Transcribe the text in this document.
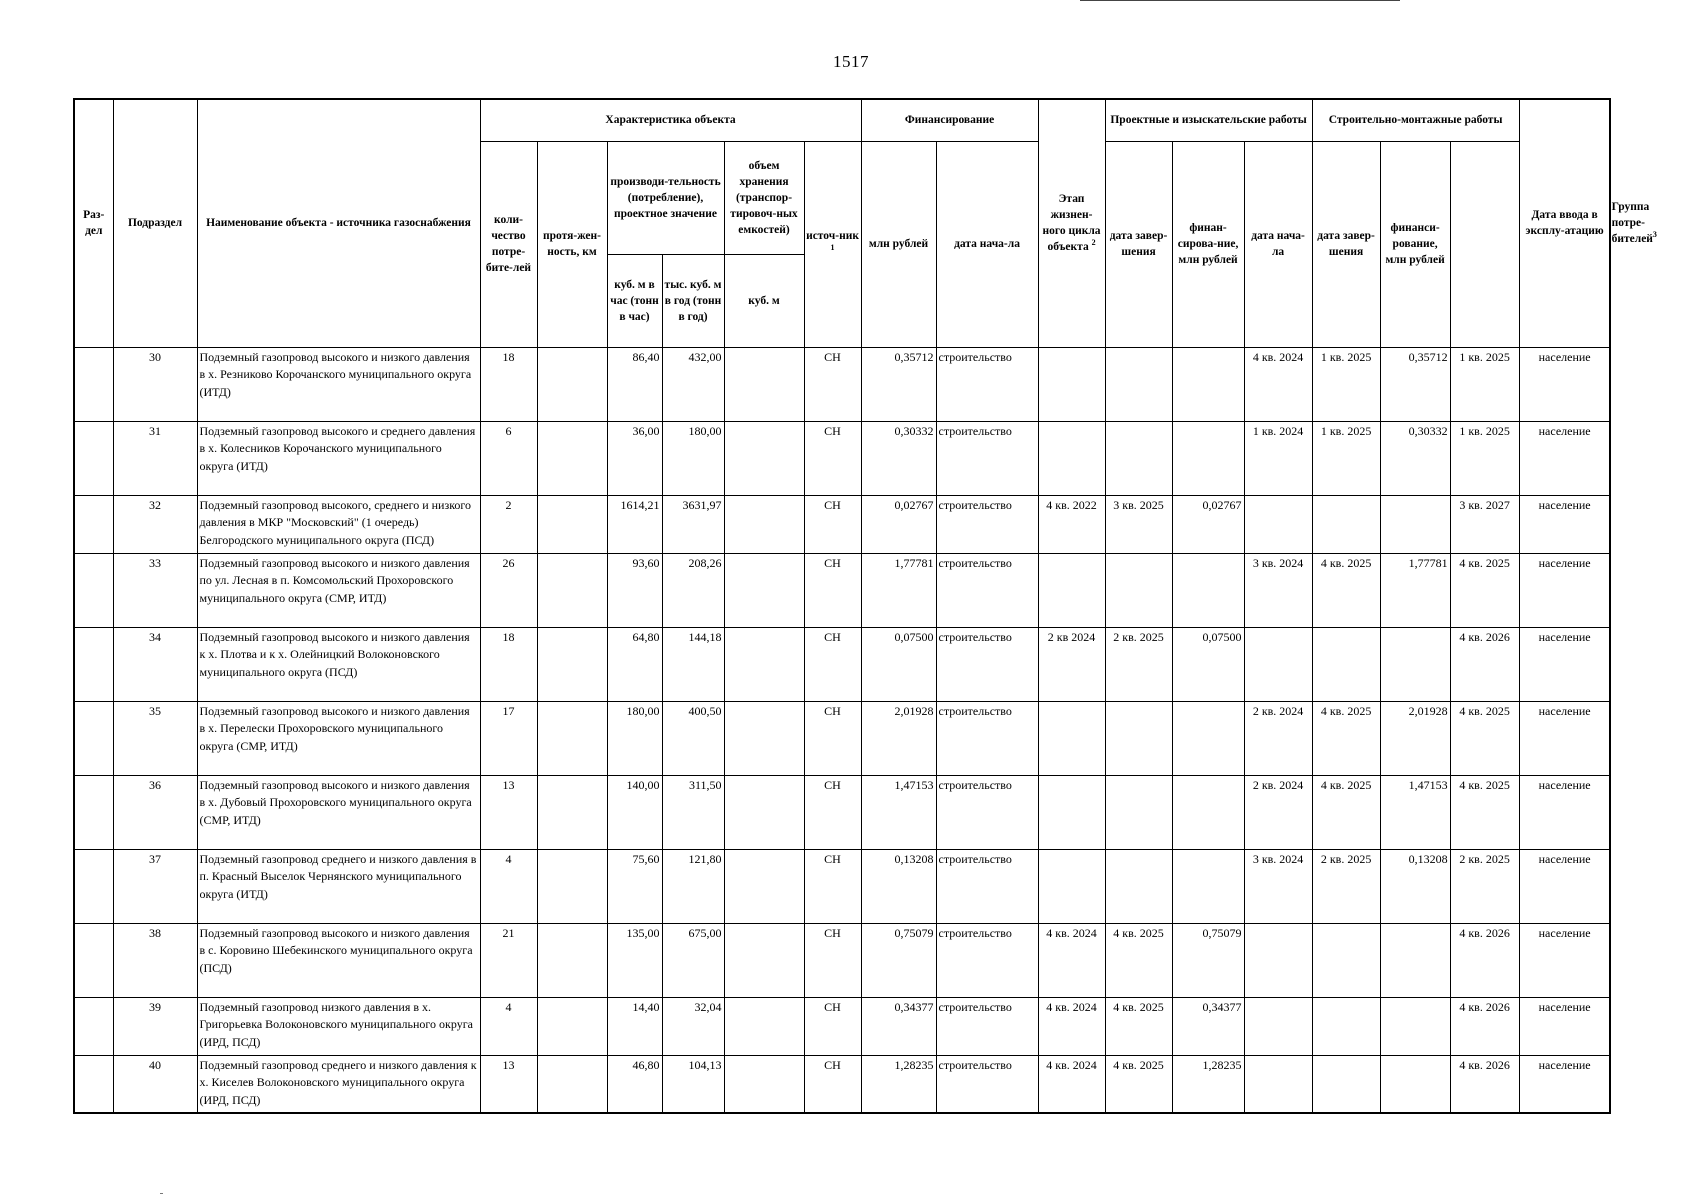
1517
Раз-дел	Подраздел	Наименование объекта - источника газоснабжения	Характеристика объекта						Финансирование		Этап жизнен-ного цикла объекта $^2$	Проектные и изыскательские работы			Строительно-монтажные работы			Дата ввода в эксплу-атацию	Группа потре-бителей$^3$
			коли-чество потре-бите-лей	протя-жен-ность, км	производи-тельность (потребление), проектное значение		объем хранения (транспор-тировоч-ных емкостей)	источ-ник $^1$	млн рублей	дата нача-ла		дата завер-шения	финан-сирова-ние, млн рублей	дата нача-ла	дата завер-шения	финанси-рование, млн рублей			
					куб. м в час (тонн в час)	тыс. куб. м в год (тонн в год)	куб. м												
	30	Подземный газопровод высокого и низкого давления в х. Резниково Корочанского муниципального округа (ИТД)	18		86,40	432,00		СН	0,35712	строительство				4 кв. 2024	1 кв. 2025	0,35712	1 кв. 2025	население	
	31	Подземный газопровод высокого и среднего давления в х. Колесников Корочанского муниципального округа (ИТД)	6		36,00	180,00		СН	0,30332	строительство				1 кв. 2024	1 кв. 2025	0,30332	1 кв. 2025	население	
	32	Подземный газопровод высокого, среднего и низкого давления в МКР "Московский" (1 очередь) Белгородского муниципального округа (ПСД)	2		1614,21	3631,97		СН	0,02767	строительство	4 кв. 2022	3 кв. 2025	0,02767				3 кв. 2027	население	
	33	Подземный газопровод высокого и низкого давления по ул. Лесная в п. Комсомольский Прохоровского муниципального округа (СМР, ИТД)	26		93,60	208,26		СН	1,77781	строительство				3 кв. 2024	4 кв. 2025	1,77781	4 кв. 2025	население	
	34	Подземный газопровод высокого и низкого давления к х. Плотва и к х. Олейницкий Волоконовского муниципального округа (ПСД)	18		64,80	144,18		СН	0,07500	строительство	2 кв 2024	2 кв. 2025	0,07500				4 кв. 2026	население	
	35	Подземный газопровод высокого и низкого давления в х. Перелески Прохоровского муниципального округа (СМР, ИТД)	17		180,00	400,50		СН	2,01928	строительство				2 кв. 2024	4 кв. 2025	2,01928	4 кв. 2025	население	
	36	Подземный газопровод высокого и низкого давления в х. Дубовый Прохоровского муниципального округа (СМР, ИТД)	13		140,00	311,50		СН	1,47153	строительство				2 кв. 2024	4 кв. 2025	1,47153	4 кв. 2025	население	
	37	Подземный газопровод среднего и низкого давления в п. Красный Выселок Чернянского муниципального округа (ИТД)	4		75,60	121,80		СН	0,13208	строительство				3 кв. 2024	2 кв. 2025	0,13208	2 кв. 2025	население	
	38	Подземный газопровод высокого и низкого давления в с. Коровино Шебекинского муниципального округа (ПСД)	21		135,00	675,00		СН	0,75079	строительство	4 кв. 2024	4 кв. 2025	0,75079				4 кв. 2026	население	
	39	Подземный газопровод низкого давления в х. Григорьевка Волоконовского муниципального округа (ИРД, ПСД)	4		14,40	32,04		СН	0,34377	строительство	4 кв. 2024	4 кв. 2025	0,34377				4 кв. 2026	население	
	40	Подземный газопровод среднего и низкого давления к х. Киселев Волоконовского муниципального округа (ИРД, ПСД)	13		46,80	104,13		СН	1,28235	строительство	4 кв. 2024	4 кв. 2025	1,28235				4 кв. 2026	население	
